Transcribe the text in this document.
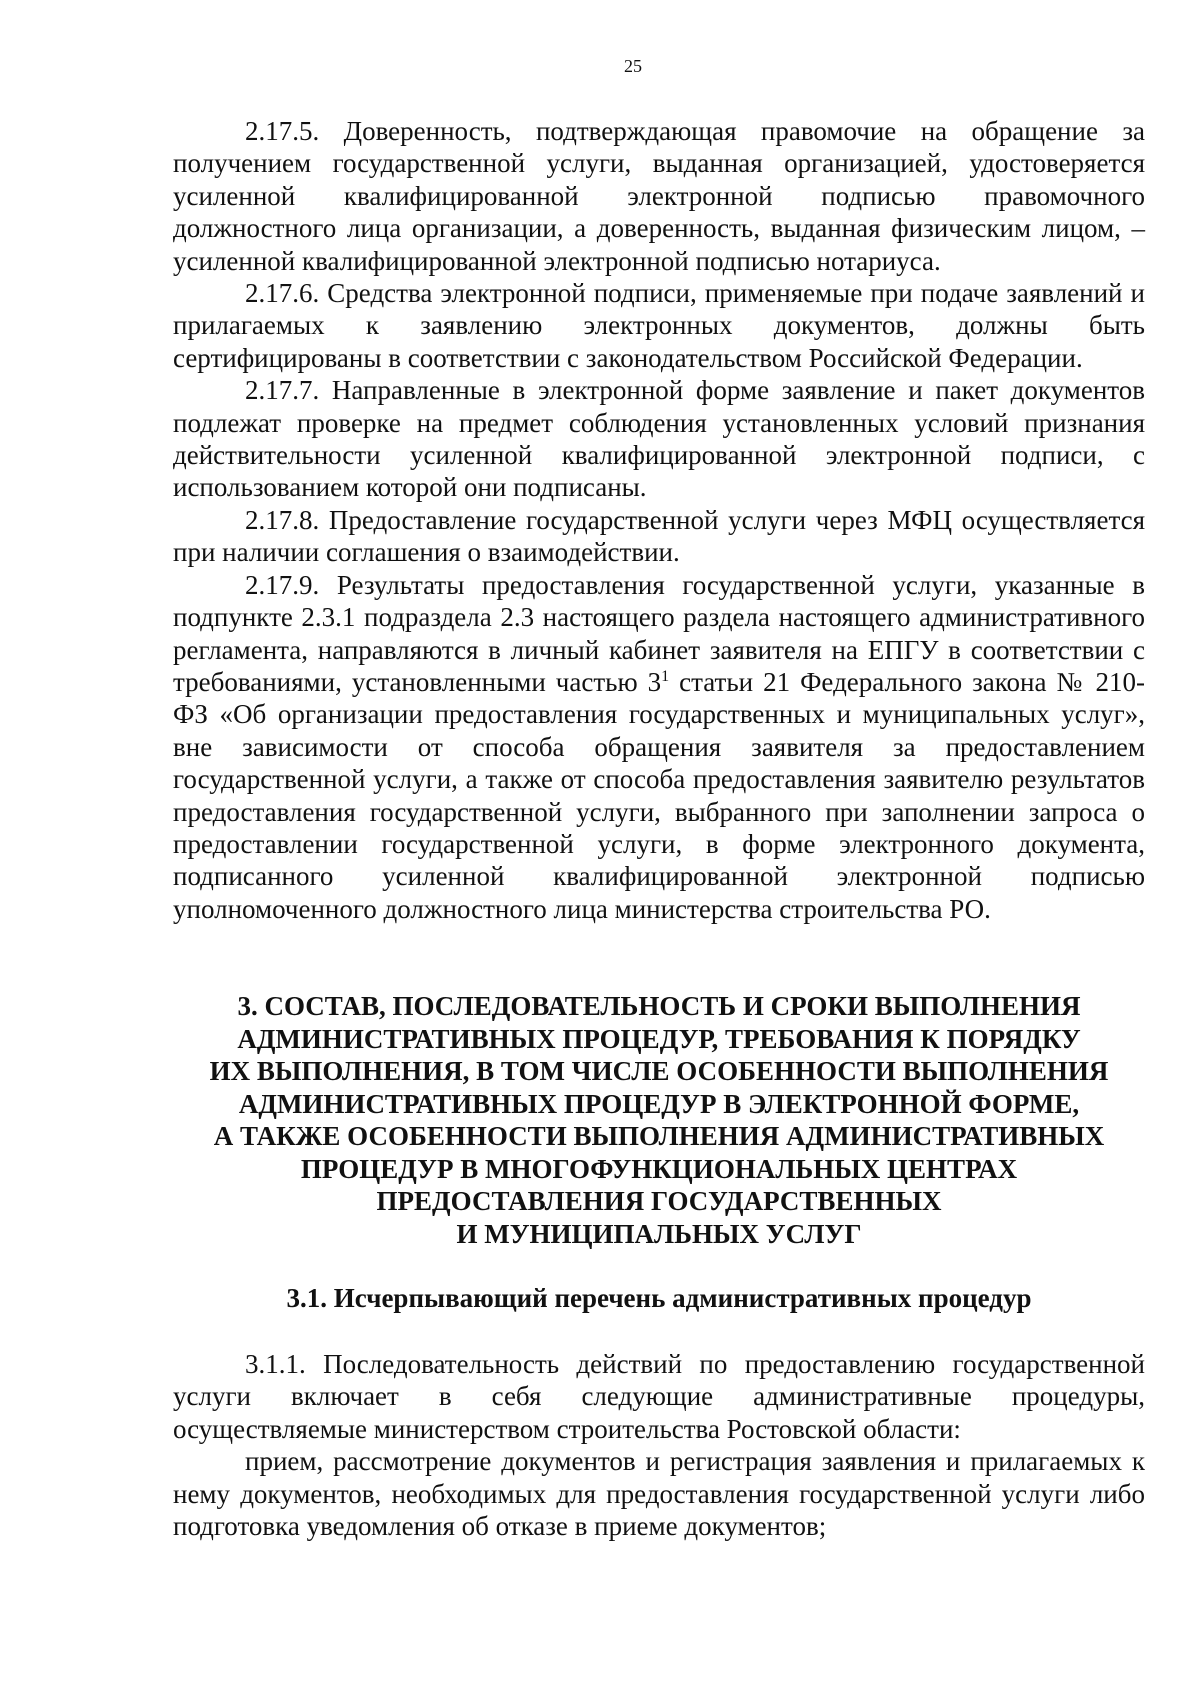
25

2.17.5. Доверенность, подтверждающая правомочие на обращение за получением государственной услуги, выданная организацией, удостоверяется усиленной квалифицированной электронной подписью правомочного должностного лица организации, а доверенность, выданная физическим лицом, – усиленной квалифицированной электронной подписью нотариуса.

2.17.6. Средства электронной подписи, применяемые при подаче заявлений и прилагаемых к заявлению электронных документов, должны быть сертифицированы в соответствии с законодательством Российской Федерации.

2.17.7. Направленные в электронной форме заявление и пакет документов подлежат проверке на предмет соблюдения установленных условий признания действительности усиленной квалифицированной электронной подписи, с использованием которой они подписаны.

2.17.8. Предоставление государственной услуги через МФЦ осуществляется при наличии соглашения о взаимодействии.

2.17.9. Результаты предоставления государственной услуги, указанные в подпункте 2.3.1 подраздела 2.3 настоящего раздела настоящего административного регламента, направляются в личный кабинет заявителя на ЕПГУ в соответствии с требованиями, установленными частью $3^1$ статьи 21 Федерального закона № 210-ФЗ «Об организации предоставления государственных и муниципальных услуг», вне зависимости от способа обращения заявителя за предоставлением государственной услуги, а также от способа предоставления заявителю результатов предоставления государственной услуги, выбранного при заполнении запроса о предоставлении государственной услуги, в форме электронного документа, подписанного усиленной квалифицированной электронной подписью уполномоченного должностного лица министерства строительства РО.

3. СОСТАВ, ПОСЛЕДОВАТЕЛЬНОСТЬ И СРОКИ ВЫПОЛНЕНИЯ
АДМИНИСТРАТИВНЫХ ПРОЦЕДУР, ТРЕБОВАНИЯ К ПОРЯДКУ
ИХ ВЫПОЛНЕНИЯ, В ТОМ ЧИСЛЕ ОСОБЕННОСТИ ВЫПОЛНЕНИЯ
АДМИНИСТРАТИВНЫХ ПРОЦЕДУР В ЭЛЕКТРОННОЙ ФОРМЕ,
А ТАКЖЕ ОСОБЕННОСТИ ВЫПОЛНЕНИЯ АДМИНИСТРАТИВНЫХ
ПРОЦЕДУР В МНОГОФУНКЦИОНАЛЬНЫХ ЦЕНТРАХ
ПРЕДОСТАВЛЕНИЯ ГОСУДАРСТВЕННЫХ
И МУНИЦИПАЛЬНЫХ УСЛУГ
3.1. Исчерпывающий перечень административных процедур

3.1.1. Последовательность действий по предоставлению государственной услуги включает в себя следующие административные процедуры, осуществляемые министерством строительства Ростовской области:

прием, рассмотрение документов и регистрация заявления и прилагаемых к нему документов, необходимых для предоставления государственной услуги либо подготовка уведомления об отказе в приеме документов;
